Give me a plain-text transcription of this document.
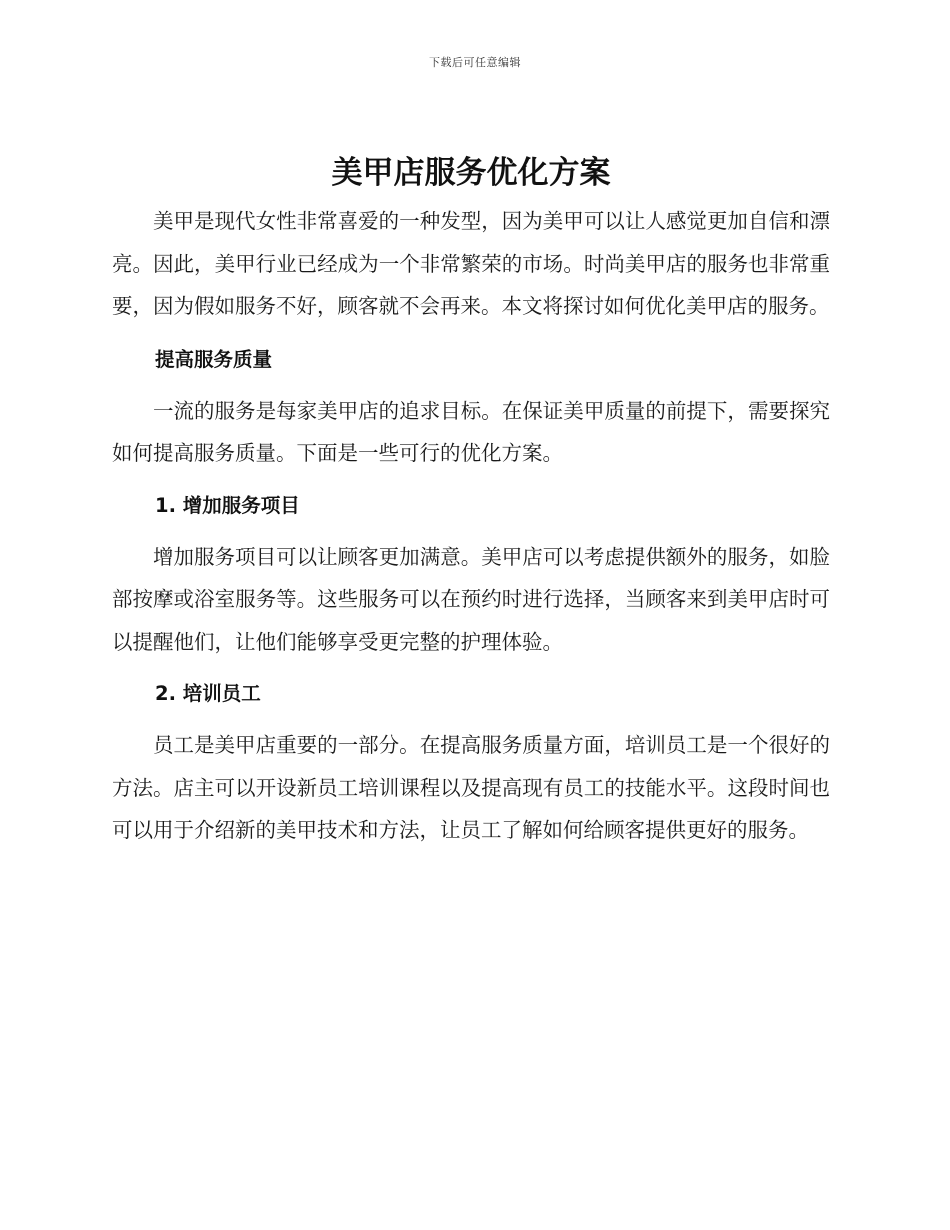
下载后可任意编辑
美甲店服务优化方案

美甲是现代女性非常喜爱的一种发型，因为美甲可以让人感觉更加自信和漂亮。因此，美甲行业已经成为一个非常繁荣的市场。时尚美甲店的服务也非常重要，因为假如服务不好，顾客就不会再来。本文将探讨如何优化美甲店的服务。

提高服务质量

一流的服务是每家美甲店的追求目标。在保证美甲质量的前提下，需要探究如何提高服务质量。下面是一些可行的优化方案。

1. 增加服务项目

增加服务项目可以让顾客更加满意。美甲店可以考虑提供额外的服务，如脸部按摩或浴室服务等。这些服务可以在预约时进行选择，当顾客来到美甲店时可以提醒他们，让他们能够享受更完整的护理体验。

2. 培训员工

员工是美甲店重要的一部分。在提高服务质量方面，培训员工是一个很好的方法。店主可以开设新员工培训课程以及提高现有员工的技能水平。这段时间也可以用于介绍新的美甲技术和方法，让员工了解如何给顾客提供更好的服务。
